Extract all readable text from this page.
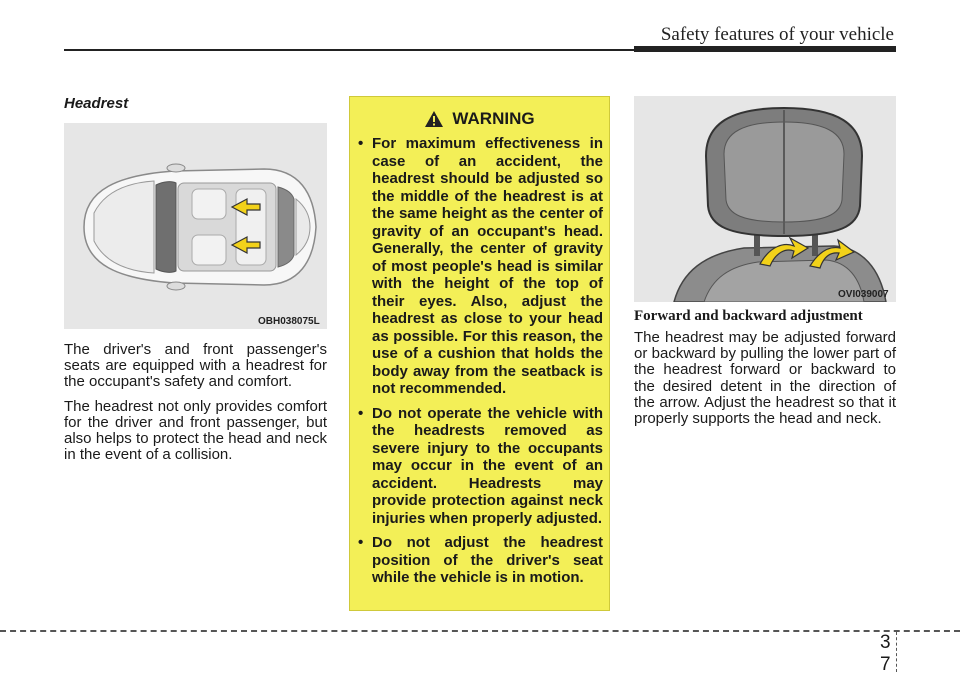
Safety features of your vehicle
Headrest
OBH038075L

The driver's and front passenger's seats are equipped with a headrest for the occupant's safety and comfort.

The headrest not only provides comfort for the driver and front passenger, but also helps to protect the head and neck in the event of a collision.

WARNING
• For maximum effectiveness in case of an accident, the headrest should be adjusted so the middle of the headrest is at the same height as the center of gravity of an occupant's head. Generally, the center of gravity of most people's head is similar with the height of the top of their eyes. Also, adjust the headrest as close to your head as possible. For this reason, the use of a cushion that holds the body away from the seatback is not recommended.
• Do not operate the vehicle with the headrests removed as severe injury to the occupants may occur in the event of an accident. Headrests may provide protection against neck injuries when properly adjusted.
• Do not adjust the headrest position of the driver's seat while the vehicle is in motion.
OVI039007
Forward and backward adjustment

The headrest may be adjusted forward or backward by pulling the lower part of the headrest forward or backward to the desired detent in the direction of the arrow. Adjust the headrest so that it properly supports the head and neck.

3 7
